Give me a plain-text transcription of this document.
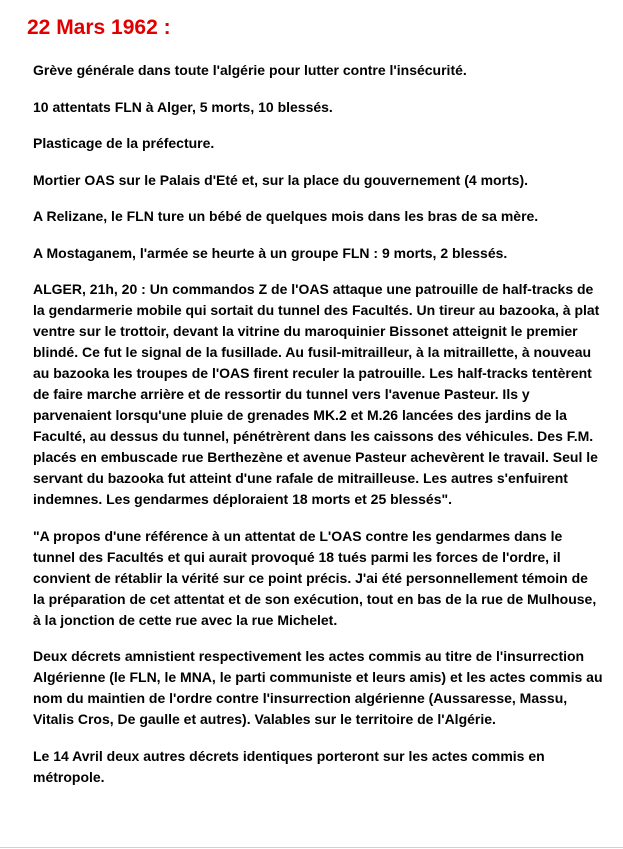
22 Mars 1962 :
Grève générale dans toute l'algérie pour lutter contre l'insécurité.
10 attentats FLN à Alger, 5 morts, 10 blessés.
Plasticage de la préfecture.
Mortier OAS sur le Palais d'Eté et, sur la place du gouvernement (4 morts).
A Relizane, le FLN ture un bébé de quelques mois dans les bras de sa mère.
A Mostaganem, l'armée se heurte à un groupe FLN : 9 morts, 2 blessés.
ALGER, 21h, 20 : Un commandos Z de l'OAS attaque une patrouille de half-tracks de la gendarmerie mobile qui sortait du tunnel des Facultés. Un tireur au bazooka, à plat ventre sur le trottoir, devant la vitrine du maroquinier Bissonet atteignit le premier blindé. Ce fut le signal de la fusillade. Au fusil-mitrailleur, à la mitraillette, à nouveau au bazooka les troupes de l'OAS firent reculer la patrouille. Les half-tracks tentèrent de faire marche arrière et de ressortir du tunnel vers l'avenue Pasteur. Ils y parvenaient lorsqu'une pluie de grenades MK.2 et M.26 lancées des jardins de la Faculté, au dessus du tunnel, pénétrèrent dans les caissons des véhicules. Des F.M. placés en embuscade rue Berthezène et avenue Pasteur achevèrent le travail. Seul le servant du bazooka fut atteint d'une rafale de mitrailleuse. Les autres s'enfuirent indemnes. Les gendarmes déploraient 18 morts et 25 blessés".
"A propos d'une référence à un attentat de L'OAS contre les gendarmes dans le tunnel des Facultés et qui aurait provoqué 18 tués parmi les forces de l'ordre, il convient de rétablir la vérité sur ce point précis. J'ai été personnellement témoin de la préparation de cet attentat et de son exécution, tout en bas de la rue de Mulhouse, à la jonction de cette rue avec la rue Michelet.
Deux décrets amnistient respectivement les actes commis au titre de l'insurrection Algérienne (le FLN, le MNA, le parti communiste et leurs amis) et les actes commis au nom du maintien de l'ordre contre l'insurrection algérienne (Aussaresse, Massu, Vitalis Cros, De gaulle et autres). Valables sur le territoire de l'Algérie.
Le 14 Avril deux autres décrets identiques porteront sur les actes commis en métropole.
